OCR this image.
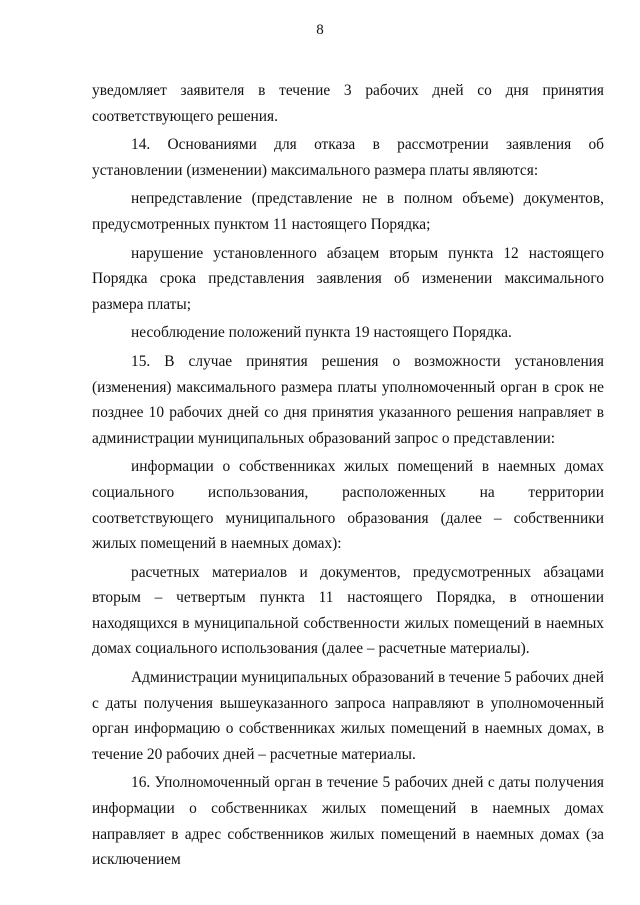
8

уведомляет заявителя в течение 3 рабочих дней со дня принятия соответствующего решения.

14. Основаниями для отказа в рассмотрении заявления об установлении (изменении) максимального размера платы являются:

непредставление (представление не в полном объеме) документов, предусмотренных пунктом 11 настоящего Порядка;

нарушение установленного абзацем вторым пункта 12 настоящего Порядка срока представления заявления об изменении максимального размера платы;

несоблюдение положений пункта 19 настоящего Порядка.

15. В случае принятия решения о возможности установления (изменения) максимального размера платы уполномоченный орган в срок не позднее 10 рабочих дней со дня принятия указанного решения направляет в администрации муниципальных образований запрос о представлении:

информации о собственниках жилых помещений в наемных домах социального использования, расположенных на территории соответствующего муниципального образования (далее – собственники жилых помещений в наемных домах):

расчетных материалов и документов, предусмотренных абзацами вторым – четвертым пункта 11 настоящего Порядка, в отношении находящихся в муниципальной собственности жилых помещений в наемных домах социального использования (далее – расчетные материалы).

Администрации муниципальных образований в течение 5 рабочих дней с даты получения вышеуказанного запроса направляют в уполномоченный орган информацию о собственниках жилых помещений в наемных домах, в течение 20 рабочих дней – расчетные материалы.

16. Уполномоченный орган в течение 5 рабочих дней с даты получения информации о собственниках жилых помещений в наемных домах направляет в адрес собственников жилых помещений в наемных домах (за исключением
